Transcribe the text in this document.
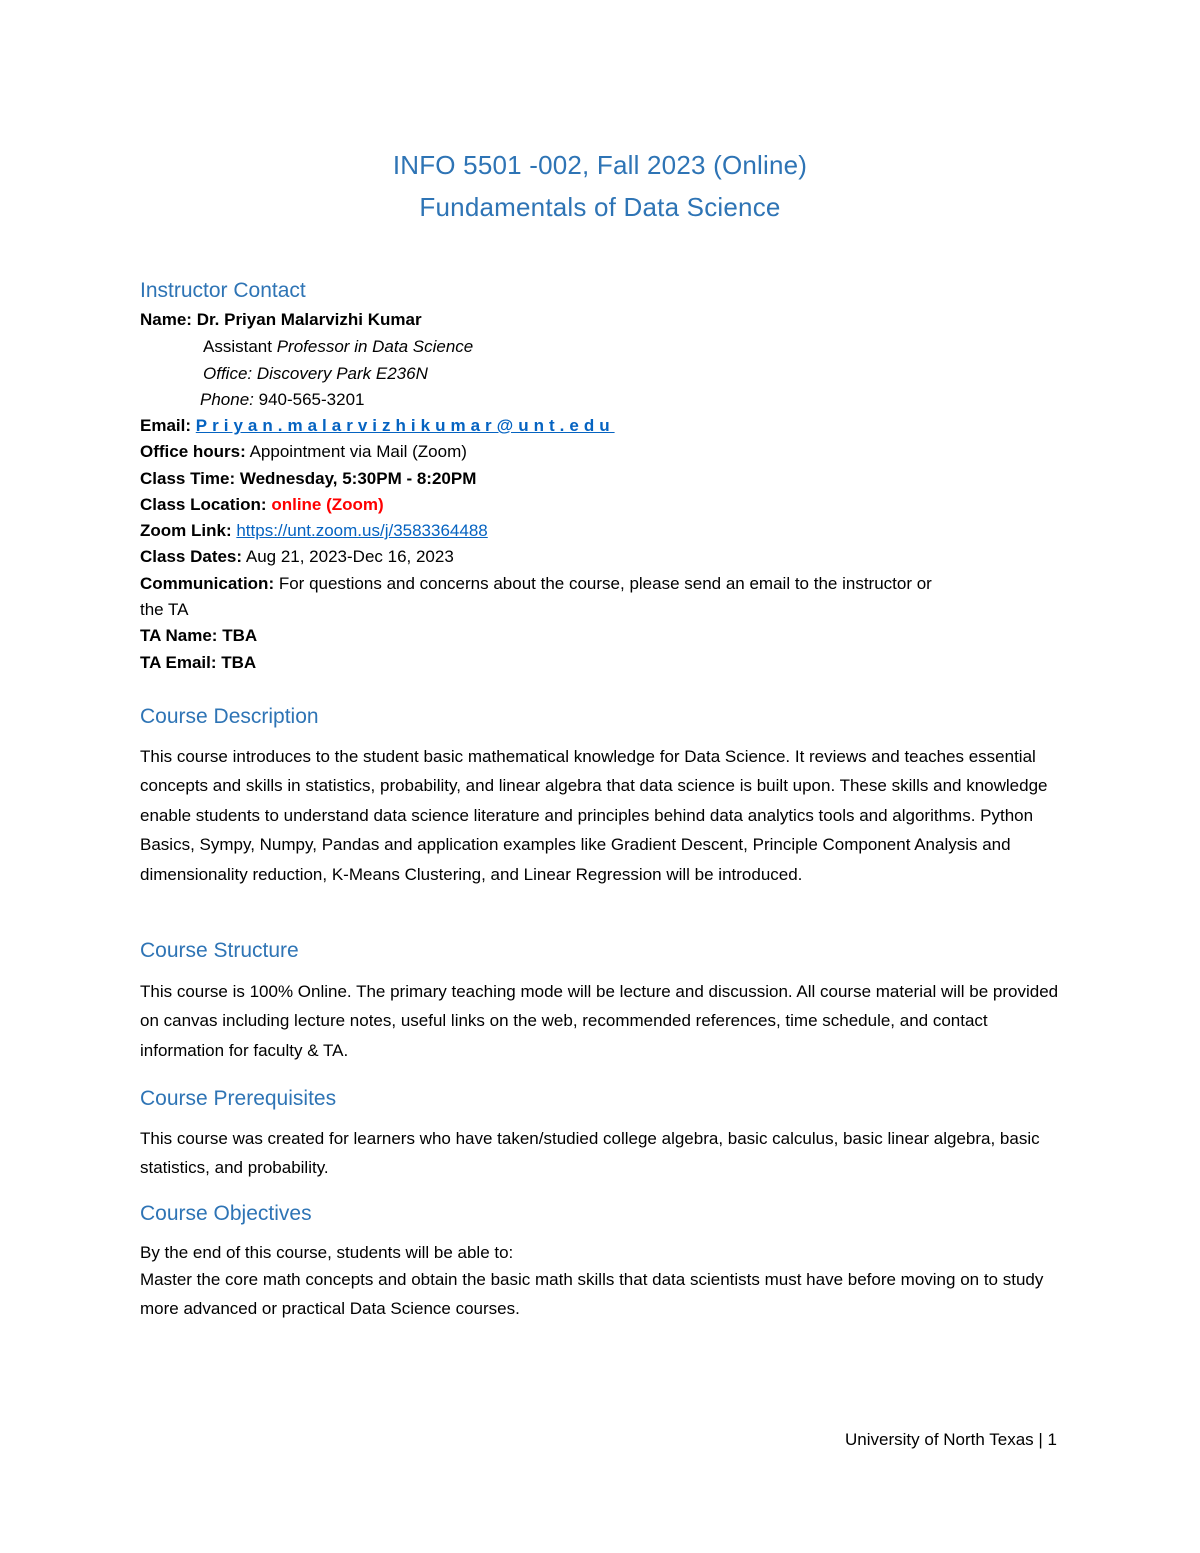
INFO 5501 -002, Fall 2023 (Online)
Fundamentals of Data Science
Instructor Contact
Name: Dr. Priyan Malarvizhi Kumar
Assistant Professor in Data Science
Office: Discovery Park E236N
Phone: 940-565-3201
Email: Priyan.malarvizhikumar@unt.edu
Office hours: Appointment via Mail (Zoom)
Class Time: Wednesday, 5:30PM - 8:20PM
Class Location: online (Zoom)
Zoom Link: https://unt.zoom.us/j/3583364488
Class Dates: Aug 21, 2023-Dec 16, 2023
Communication: For questions and concerns about the course, please send an email to the instructor or
the TA
TA Name: TBA
TA Email: TBA
Course Description

This course introduces to the student basic mathematical knowledge for Data Science. It reviews and teaches essential concepts and skills in statistics, probability, and linear algebra that data science is built upon. These skills and knowledge enable students to understand data science literature and principles behind data analytics tools and algorithms. Python Basics, Sympy, Numpy, Pandas and application examples like Gradient Descent, Principle Component Analysis and dimensionality reduction, K-Means Clustering, and Linear Regression will be introduced.

Course Structure

This course is 100% Online. The primary teaching mode will be lecture and discussion. All course material will be provided on canvas including lecture notes, useful links on the web, recommended references, time schedule, and contact information for faculty & TA.

Course Prerequisites

This course was created for learners who have taken/studied college algebra, basic calculus, basic linear algebra, basic statistics, and probability.

Course Objectives
By the end of this course, students will be able to:

Master the core math concepts and obtain the basic math skills that data scientists must have before moving on to study more advanced or practical Data Science courses.

University of North Texas | 1
